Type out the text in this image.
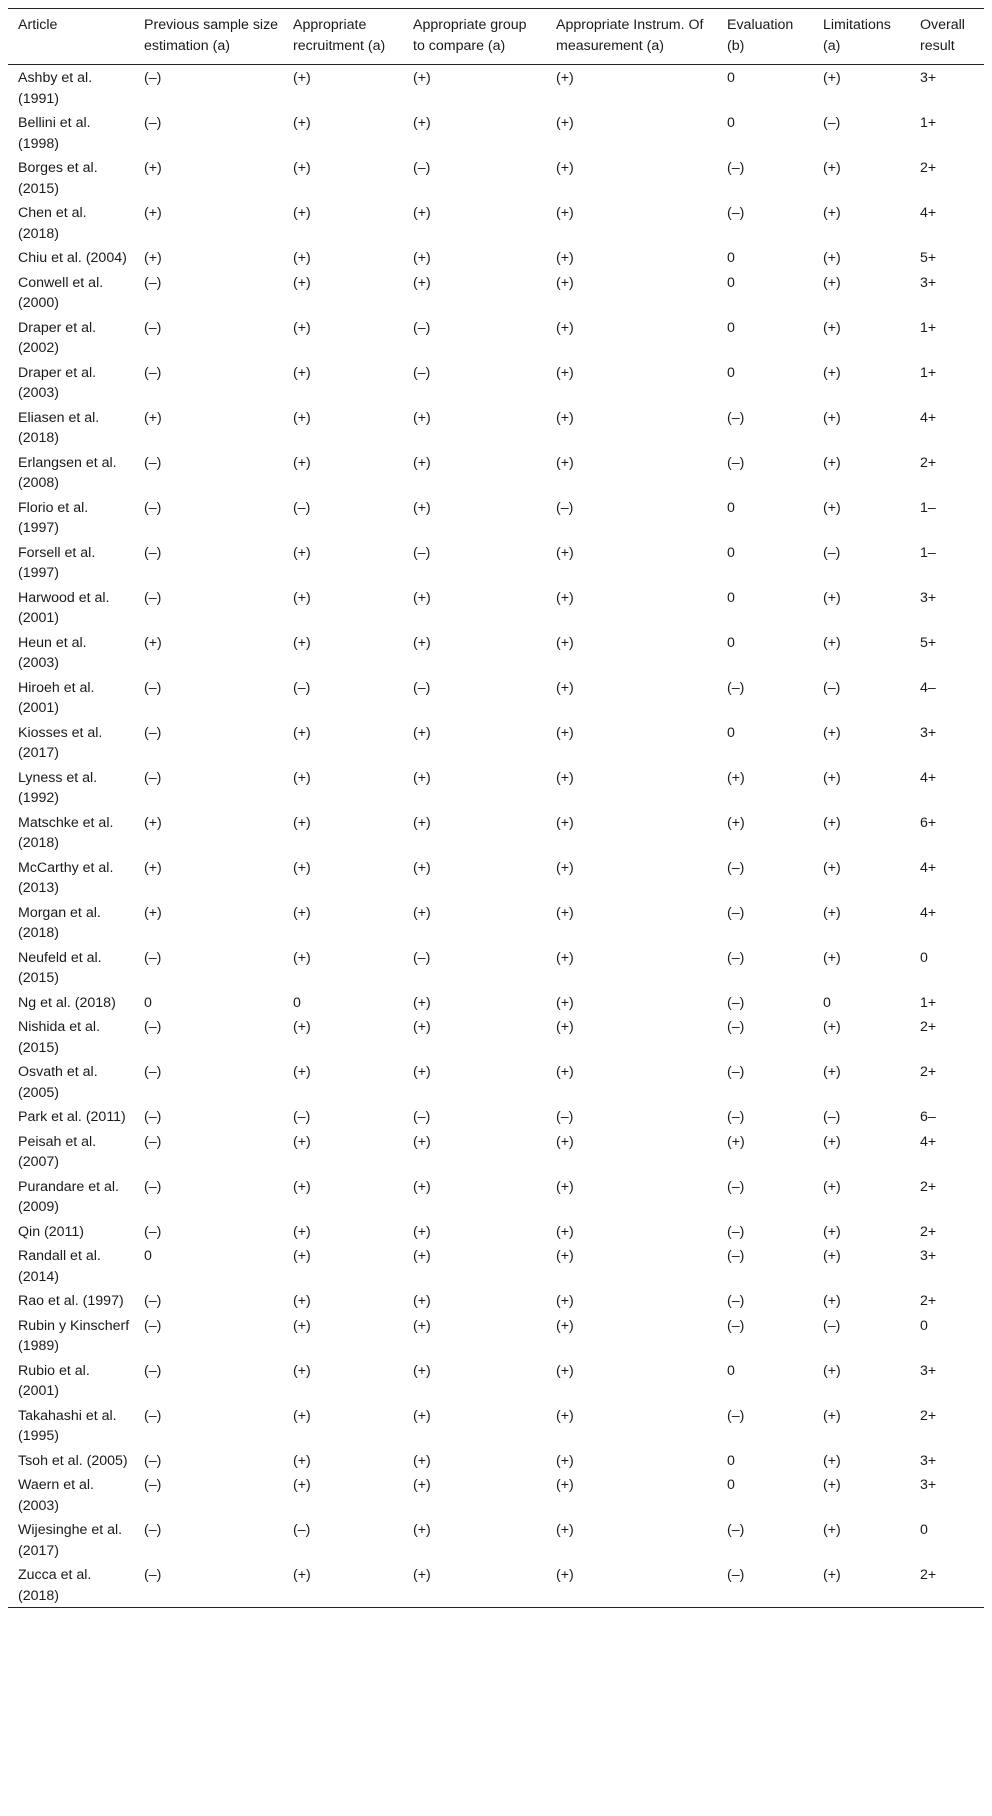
Article	Previous sample size estimation (a)	Appropriate recruitment (a)	Appropriate group to compare (a)	Appropriate Instrum. Of measurement (a)	Evaluation (b)	Limitations (a)	Overall result
Ashby et al. (1991)	(–)	(+)	(+)	(+)	0	(+)	3+
Bellini et al. (1998)	(–)	(+)	(+)	(+)	0	(–)	1+
Borges et al. (2015)	(+)	(+)	(–)	(+)	(–)	(+)	2+
Chen et al. (2018)	(+)	(+)	(+)	(+)	(–)	(+)	4+
Chiu et al. (2004)	(+)	(+)	(+)	(+)	0	(+)	5+
Conwell et al. (2000)	(–)	(+)	(+)	(+)	0	(+)	3+
Draper et al. (2002)	(–)	(+)	(–)	(+)	0	(+)	1+
Draper et al. (2003)	(–)	(+)	(–)	(+)	0	(+)	1+
Eliasen et al. (2018)	(+)	(+)	(+)	(+)	(–)	(+)	4+
Erlangsen et al. (2008)	(–)	(+)	(+)	(+)	(–)	(+)	2+
Florio et al. (1997)	(–)	(–)	(+)	(–)	0	(+)	1–
Forsell et al. (1997)	(–)	(+)	(–)	(+)	0	(–)	1–
Harwood et al. (2001)	(–)	(+)	(+)	(+)	0	(+)	3+
Heun et al. (2003)	(+)	(+)	(+)	(+)	0	(+)	5+
Hiroeh et al. (2001)	(–)	(–)	(–)	(+)	(–)	(–)	4–
Kiosses et al. (2017)	(–)	(+)	(+)	(+)	0	(+)	3+
Lyness et al. (1992)	(–)	(+)	(+)	(+)	(+)	(+)	4+
Matschke et al. (2018)	(+)	(+)	(+)	(+)	(+)	(+)	6+
McCarthy et al. (2013)	(+)	(+)	(+)	(+)	(–)	(+)	4+
Morgan et al. (2018)	(+)	(+)	(+)	(+)	(–)	(+)	4+
Neufeld et al. (2015)	(–)	(+)	(–)	(+)	(–)	(+)	0
Ng et al. (2018)	0	0	(+)	(+)	(–)	0	1+
Nishida et al. (2015)	(–)	(+)	(+)	(+)	(–)	(+)	2+
Osvath et al. (2005)	(–)	(+)	(+)	(+)	(–)	(+)	2+
Park et al. (2011)	(–)	(–)	(–)	(–)	(–)	(–)	6–
Peisah et al. (2007)	(–)	(+)	(+)	(+)	(+)	(+)	4+
Purandare et al. (2009)	(–)	(+)	(+)	(+)	(–)	(+)	2+
Qin (2011)	(–)	(+)	(+)	(+)	(–)	(+)	2+
Randall et al. (2014)	0	(+)	(+)	(+)	(–)	(+)	3+
Rao et al. (1997)	(–)	(+)	(+)	(+)	(–)	(+)	2+
Rubin y Kinscherf (1989)	(–)	(+)	(+)	(+)	(–)	(–)	0
Rubio et al. (2001)	(–)	(+)	(+)	(+)	0	(+)	3+
Takahashi et al. (1995)	(–)	(+)	(+)	(+)	(–)	(+)	2+
Tsoh et al. (2005)	(–)	(+)	(+)	(+)	0	(+)	3+
Waern et al. (2003)	(–)	(+)	(+)	(+)	0	(+)	3+
Wijesinghe et al. (2017)	(–)	(–)	(+)	(+)	(–)	(+)	0
Zucca et al. (2018)	(–)	(+)	(+)	(+)	(–)	(+)	2+
